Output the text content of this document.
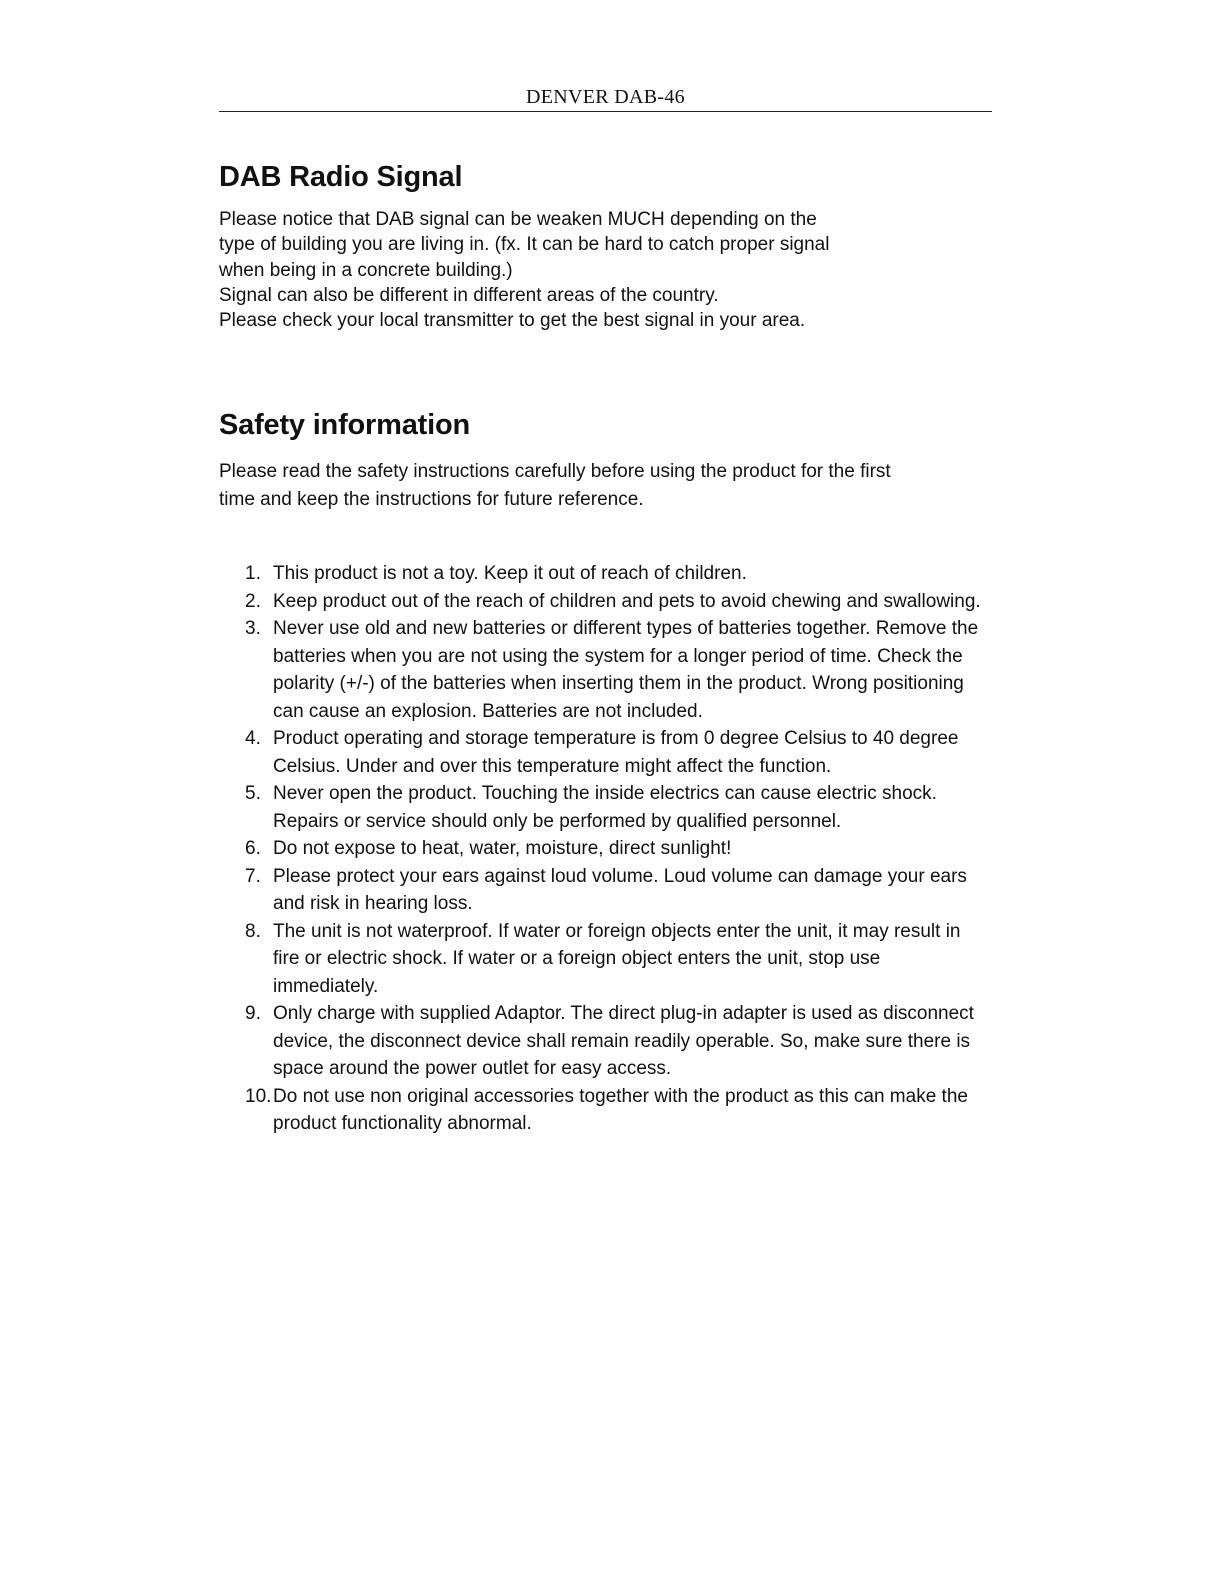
DENVER DAB-46
DAB Radio Signal

Please notice that DAB signal can be weaken MUCH depending on the

type of building you are living in. (fx. It can be hard to catch proper signal

when being in a concrete building.)

Signal can also be different in different areas of the country.

Please check your local transmitter to get the best signal in your area.

Safety information

Please read the safety instructions carefully before using the product for the first

time and keep the instructions for future reference.

1. This product is not a toy. Keep it out of reach of children.
2. Keep product out of the reach of children and pets to avoid chewing and swallowing.
3. Never use old and new batteries or different types of batteries together. Remove the batteries when you are not using the system for a longer period of time. Check the polarity (+/-) of the batteries when inserting them in the product. Wrong positioning can cause an explosion. Batteries are not included.
4. Product operating and storage temperature is from 0 degree Celsius to 40 degree Celsius. Under and over this temperature might affect the function.
5. Never open the product. Touching the inside electrics can cause electric shock. Repairs or service should only be performed by qualified personnel.
6. Do not expose to heat, water, moisture, direct sunlight!
7. Please protect your ears against loud volume. Loud volume can damage your ears and risk in hearing loss.
8. The unit is not waterproof. If water or foreign objects enter the unit, it may result in fire or electric shock. If water or a foreign object enters the unit, stop use immediately.
9. Only charge with supplied Adaptor. The direct plug-in adapter is used as disconnect device, the disconnect device shall remain readily operable. So, make sure there is space around the power outlet for easy access.
10. Do not use non original accessories together with the product as this can make the product functionality abnormal.
